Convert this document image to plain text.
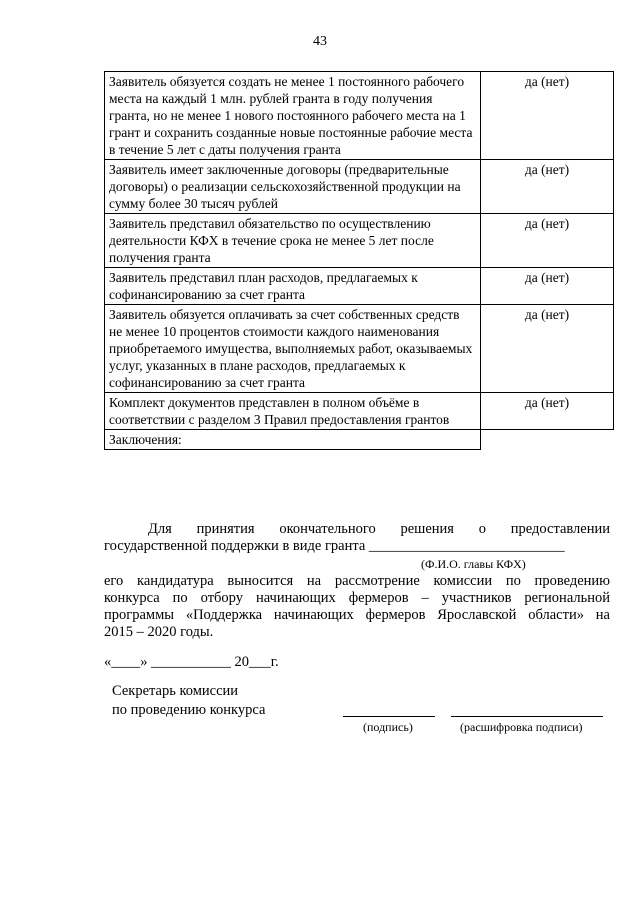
43
Заявитель обязуется создать не менее 1 постоянного рабочего места на каждый 1 млн. рублей гранта в году получения гранта, но не менее 1 нового постоянного рабочего места на 1 грант и сохранить созданные новые постоянные рабочие места в течение 5 лет с даты получения гранта	да (нет)
Заявитель имеет заключенные договоры (предварительные договоры) о реализации сельскохозяйственной продукции на сумму более 30 тысяч рублей	да (нет)
Заявитель представил обязательство по осуществлению деятельности КФХ в течение срока не менее 5 лет после получения гранта	да (нет)
Заявитель представил план расходов, предлагаемых к софинансированию за счет гранта	да (нет)
Заявитель обязуется оплачивать за счет собственных средств не менее 10 процентов стоимости каждого наименования приобретаемого имущества, выполняемых работ, оказываемых услуг, указанных в плане расходов, предлагаемых к софинансированию за счет гранта	да (нет)
Комплект документов представлен в полном объёме в соответствии с разделом 3 Правил предоставления грантов	да (нет)
Заключения:	
Для принятия окончательного решения о предоставлении
государственной поддержки в виде гранта ___________________________
(Ф.И.О. главы КФХ)
его кандидатура выносится на рассмотрение комиссии по проведению
конкурса по отбору начинающих фермеров – участников региональной
программы «Поддержка начинающих фермеров Ярославской области» на
2015 – 2020 годы.
«____» ___________ 20___г.
Секретарь комиссии
по проведению конкурса
(подпись)	(расшифровка подписи)
